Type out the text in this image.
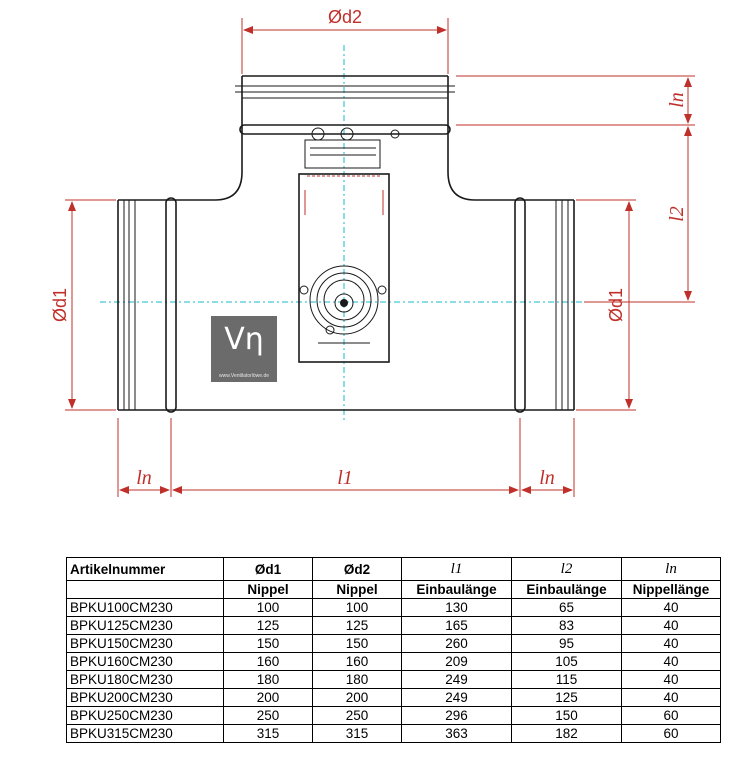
Ød2
ln
l2
Ød1	Ød1
ln	l1	ln
Vη
www.Ventilatorlöwe.de
Artikelnummer	Ød1	Ød2	l1	l2	ln
	Nippel	Nippel	Einbaulänge	Einbaulänge	Nippellänge
BPKU100CM230	100	100	130	65	40
BPKU125CM230	125	125	165	83	40
BPKU150CM230	150	150	260	95	40
BPKU160CM230	160	160	209	105	40
BPKU180CM230	180	180	249	115	40
BPKU200CM230	200	200	249	125	40
BPKU250CM230	250	250	296	150	60
BPKU315CM230	315	315	363	182	60
